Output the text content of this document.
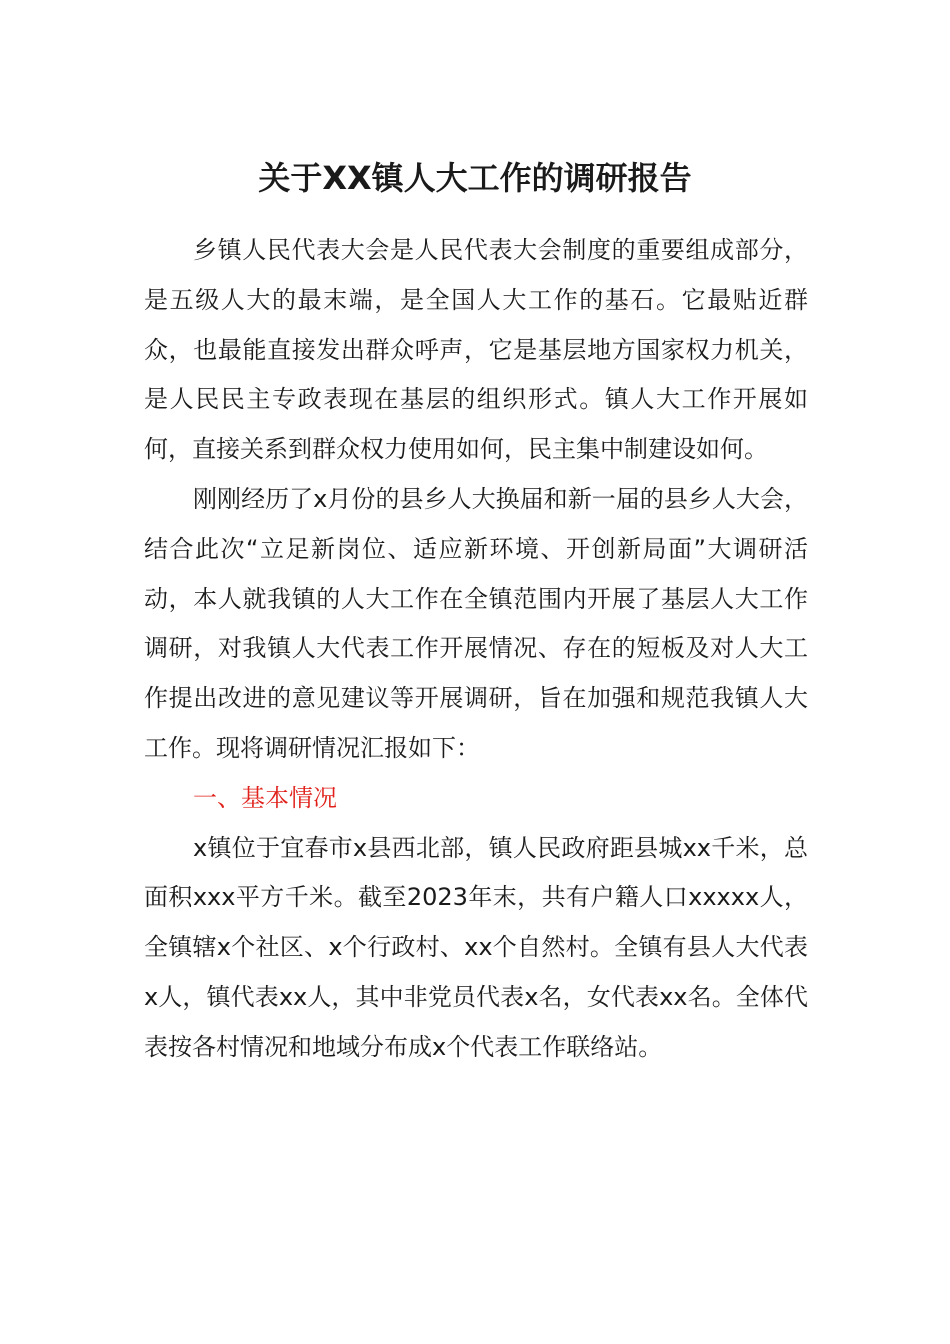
关于XX镇人大工作的调研报告

乡镇人民代表大会是人民代表大会制度的重要组成部分，是五级人大的最末端，是全国人大工作的基石。它最贴近群众，也最能直接发出群众呼声，它是基层地方国家权力机关，是人民民主专政表现在基层的组织形式。镇人大工作开展如何，直接关系到群众权力使用如何，民主集中制建设如何。

刚刚经历了x月份的县乡人大换届和新一届的县乡人大会，结合此次“立足新岗位、适应新环境、开创新局面”大调研活动，本人就我镇的人大工作在全镇范围内开展了基层人大工作调研，对我镇人大代表工作开展情况、存在的短板及对人大工作提出改进的意见建议等开展调研，旨在加强和规范我镇人大工作。现将调研情况汇报如下：

一、基本情况

x镇位于宜春市x县西北部，镇人民政府距县城xx千米，总面积xxx平方千米。截至2023年末，共有户籍人口xxxxx人，全镇辖x个社区、x个行政村、xx个自然村。全镇有县人大代表x人，镇代表xx人，其中非党员代表x名，女代表xx名。全体代表按各村情况和地域分布成x个代表工作联络站。
